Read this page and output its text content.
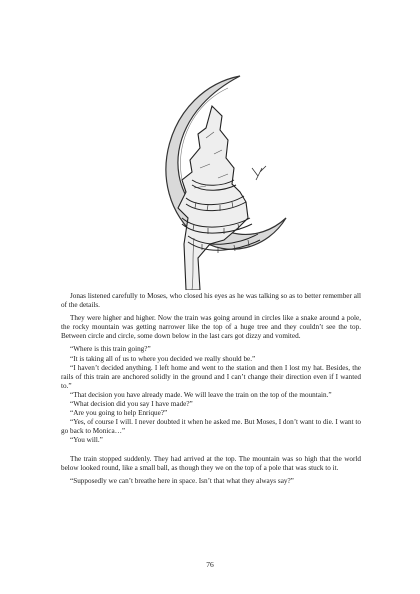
Jonas listened carefully to Moses, who closed his eyes as he was talking so as to better remember all of the details.

They were higher and higher. Now the train was going around in circles like a snake around a pole, the rocky mountain was getting narrower like the top of a huge tree and they couldn’t see the top. Between circle and circle, some down below in the last cars got dizzy and vomited.

“Where is this train going?”

“It is taking all of us to where you decided we really should be.”

“I haven’t decided anything. I left home and went to the station and then I lost my hat. Besides, the rails of this train are anchored solidly in the ground and I can’t change their direction even if I wanted to.”

“That decision you have already made. We will leave the train on the top of the mountain.”

“What decision did you say I have made?”

“Are you going to help Enrique?”

“Yes, of course I will. I never doubted it when he asked me. But Moses, I don’t want to die. I want to go back to Monica…”

“You will.”

The train stopped suddenly. They had arrived at the top. The mountain was so high that the world below looked round, like a small ball, as though they we on the top of a pole that was stuck to it.

“Supposedly we can’t breathe here in space. Isn’t that what they always say?”

76
